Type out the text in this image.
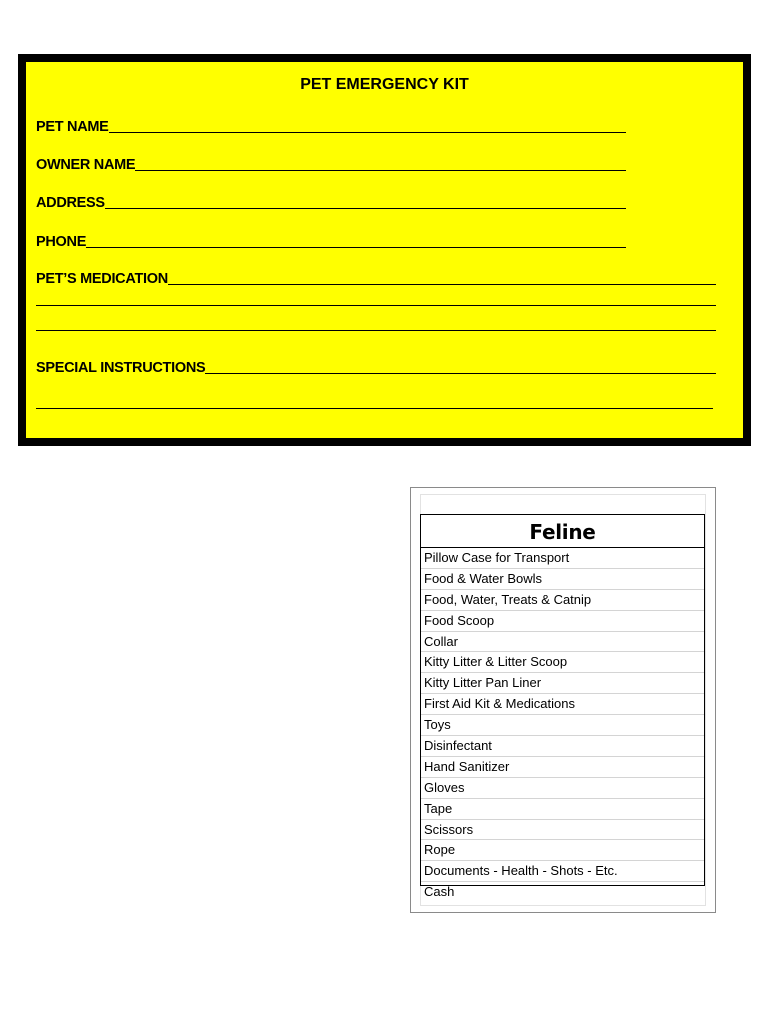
PET EMERGENCY KIT
PET NAME
OWNER NAME
ADDRESS
PHONE
PET’S MEDICATION
SPECIAL INSTRUCTIONS
Feline
Pillow Case for Transport
Food & Water Bowls
Food, Water, Treats & Catnip
Food Scoop
Collar
Kitty Litter & Litter Scoop
Kitty Litter Pan Liner
First Aid Kit & Medications
Toys
Disinfectant
Hand Sanitizer
Gloves
Tape
Scissors
Rope
Documents - Health - Shots - Etc.
Cash
